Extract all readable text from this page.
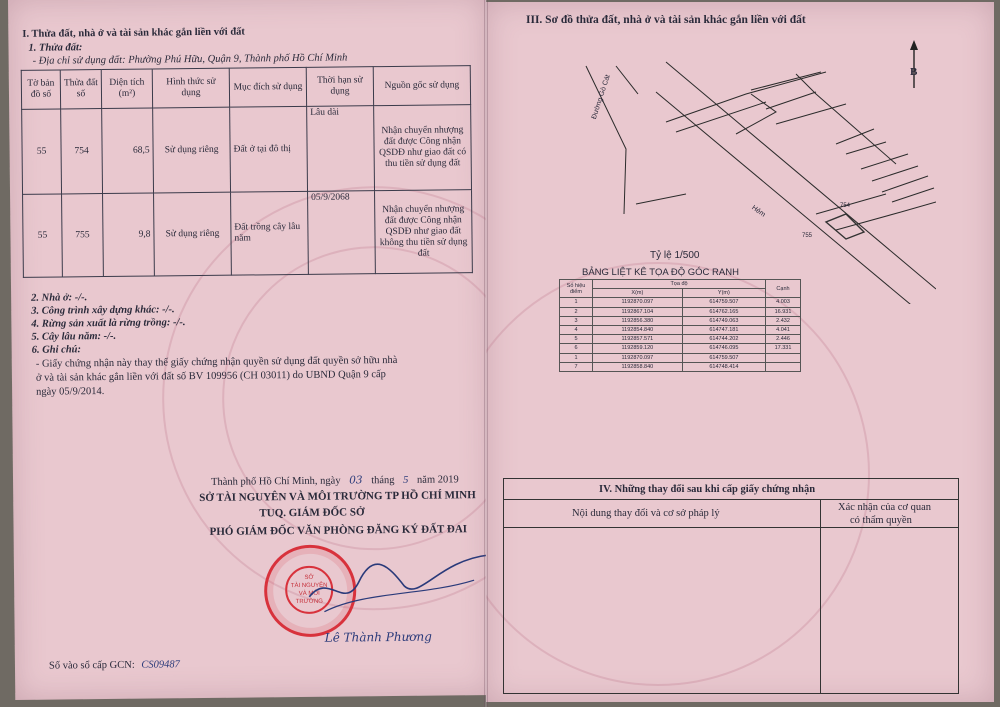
I. Thửa đất, nhà ở và tài sản khác gắn liền với đất
1. Thửa đất:
- Địa chỉ sử dụng đất: Phường Phú Hữu, Quận 9, Thành phố Hồ Chí Minh
Tờ bản đồ số	Thửa đất số	Diện tích (m²)	Hình thức sử dụng	Mục đích sử dụng	Thời hạn sử dụng	Nguồn gốc sử dụng
55	754	68,5	Sử dụng riêng	Đất ở tại đô thị	Lâu dài	Nhận chuyển nhượng đất được Công nhận QSDĐ như giao đất có thu tiền sử dụng đất
55	755	9,8	Sử dụng riêng	Đất trồng cây lâu năm	05/9/2068	Nhận chuyển nhượng đất được Công nhận QSDĐ như giao đất không thu tiền sử dụng đất
2. Nhà ở: -/-.
3. Công trình xây dựng khác: -/-.
4. Rừng sản xuất là rừng trồng: -/-.
5. Cây lâu năm: -/-.
6. Ghi chú:
- Giấy chứng nhận này thay thế giấy chứng nhận quyền sử dụng đất quyền sở hữu nhà
ở và tài sản khác gắn liền với đất số BV 109956 (CH 03011) do UBND Quận 9 cấp
ngày 05/9/2014.
Thành phố Hồ Chí Minh, ngày 03 tháng 5 năm 2019
SỞ TÀI NGUYÊN VÀ MÔI TRƯỜNG TP HỒ CHÍ MINH
TUQ. GIÁM ĐỐC SỞ
PHÓ GIÁM ĐỐC VĂN PHÒNG ĐĂNG KÝ ĐẤT ĐAI
SỞ
TÀI NGUYÊN
VÀ MÔI TRƯỜNG
Lê Thành Phương
Số vào sổ cấp GCN: CS09487
III. Sơ đồ thửa đất, nhà ở và tài sản khác gắn liền với đất
B
Đường Gò Cát
Hẻm	754
755
Tỷ lệ 1/500
BẢNG LIỆT KÊ TỌA ĐỘ GÓC RANH
Số hiệu điểm	Tọa độ		Cạnh
	X(m)	Y(m)	
1	1192870.097	614759.507	4.003
2	1192867.104	614762.165	16.931
3	1192856.380	614749.063	2.432
4	1192854.840	614747.181	4.041
5	1192857.571	614744.202	2.446
6	1192859.120	614746.095	17.331
1	1192870.097	614759.507	
7	1192858.840	614748.414	
IV. Những thay đổi sau khi cấp giấy chứng nhận
Nội dung thay đổi và cơ sở pháp lý
Xác nhận của cơ quan
có thẩm quyền
